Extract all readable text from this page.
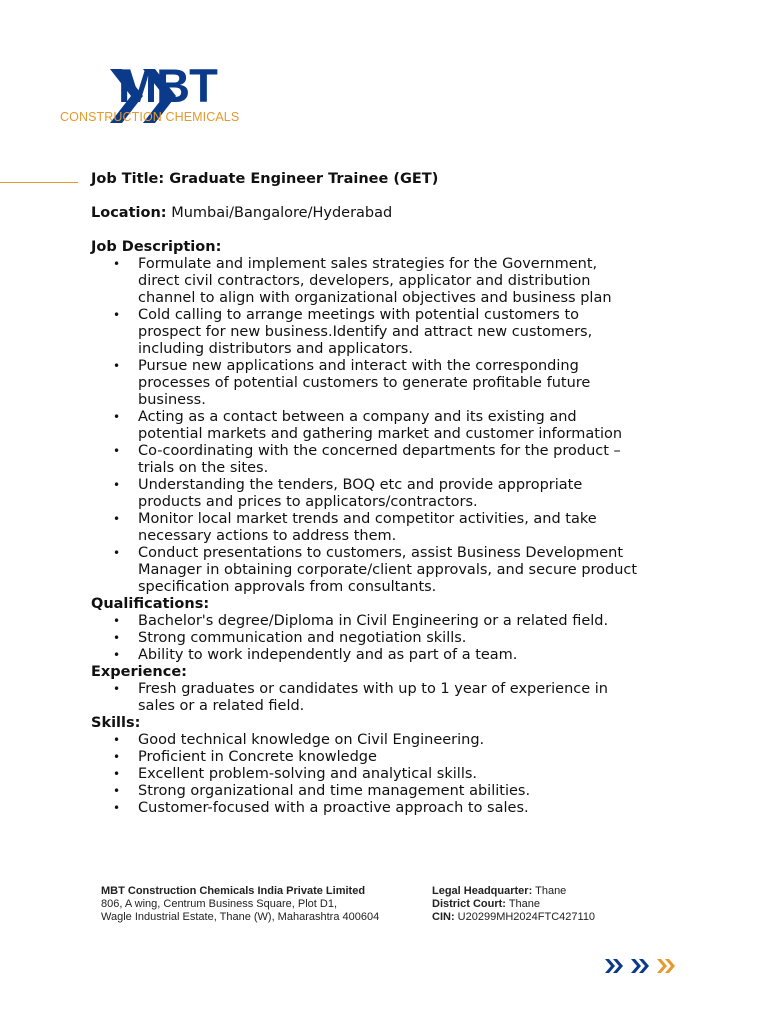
MBT
CONSTRUCTION CHEMICALS

Job Title: Graduate Engineer Trainee (GET)

Location: Mumbai/Bangalore/Hyderabad

Job Description:

• Formulate and implement sales strategies for the Government,
direct civil contractors, developers, applicator and distribution
channel to align with organizational objectives and business plan
• Cold calling to arrange meetings with potential customers to
prospect for new business.Identify and attract new customers,
including distributors and applicators.
• Pursue new applications and interact with the corresponding
processes of potential customers to generate profitable future
business.
• Acting as a contact between a company and its existing and
potential markets and gathering market and customer information
• Co-coordinating with the concerned departments for the product –
trials on the sites.
• Understanding the tenders, BOQ etc and provide appropriate
products and prices to applicators/contractors.
• Monitor local market trends and competitor activities, and take
necessary actions to address them.
• Conduct presentations to customers, assist Business Development
Manager in obtaining corporate/client approvals, and secure product
specification approvals from consultants.

Qualifications:

• Bachelor's degree/Diploma in Civil Engineering or a related field.
• Strong communication and negotiation skills.
• Ability to work independently and as part of a team.

Experience:

• Fresh graduates or candidates with up to 1 year of experience in
sales or a related field.

Skills:

• Good technical knowledge on Civil Engineering.
• Proficient in Concrete knowledge
• Excellent problem-solving and analytical skills.
• Strong organizational and time management abilities.
• Customer-focused with a proactive approach to sales.
MBT Construction Chemicals India Private Limited
806, A wing, Centrum Business Square, Plot D1,
Wagle Industrial Estate, Thane (W), Maharashtra 400604
Legal Headquarter: Thane
District Court: Thane
CIN: U20299MH2024FTC427110
